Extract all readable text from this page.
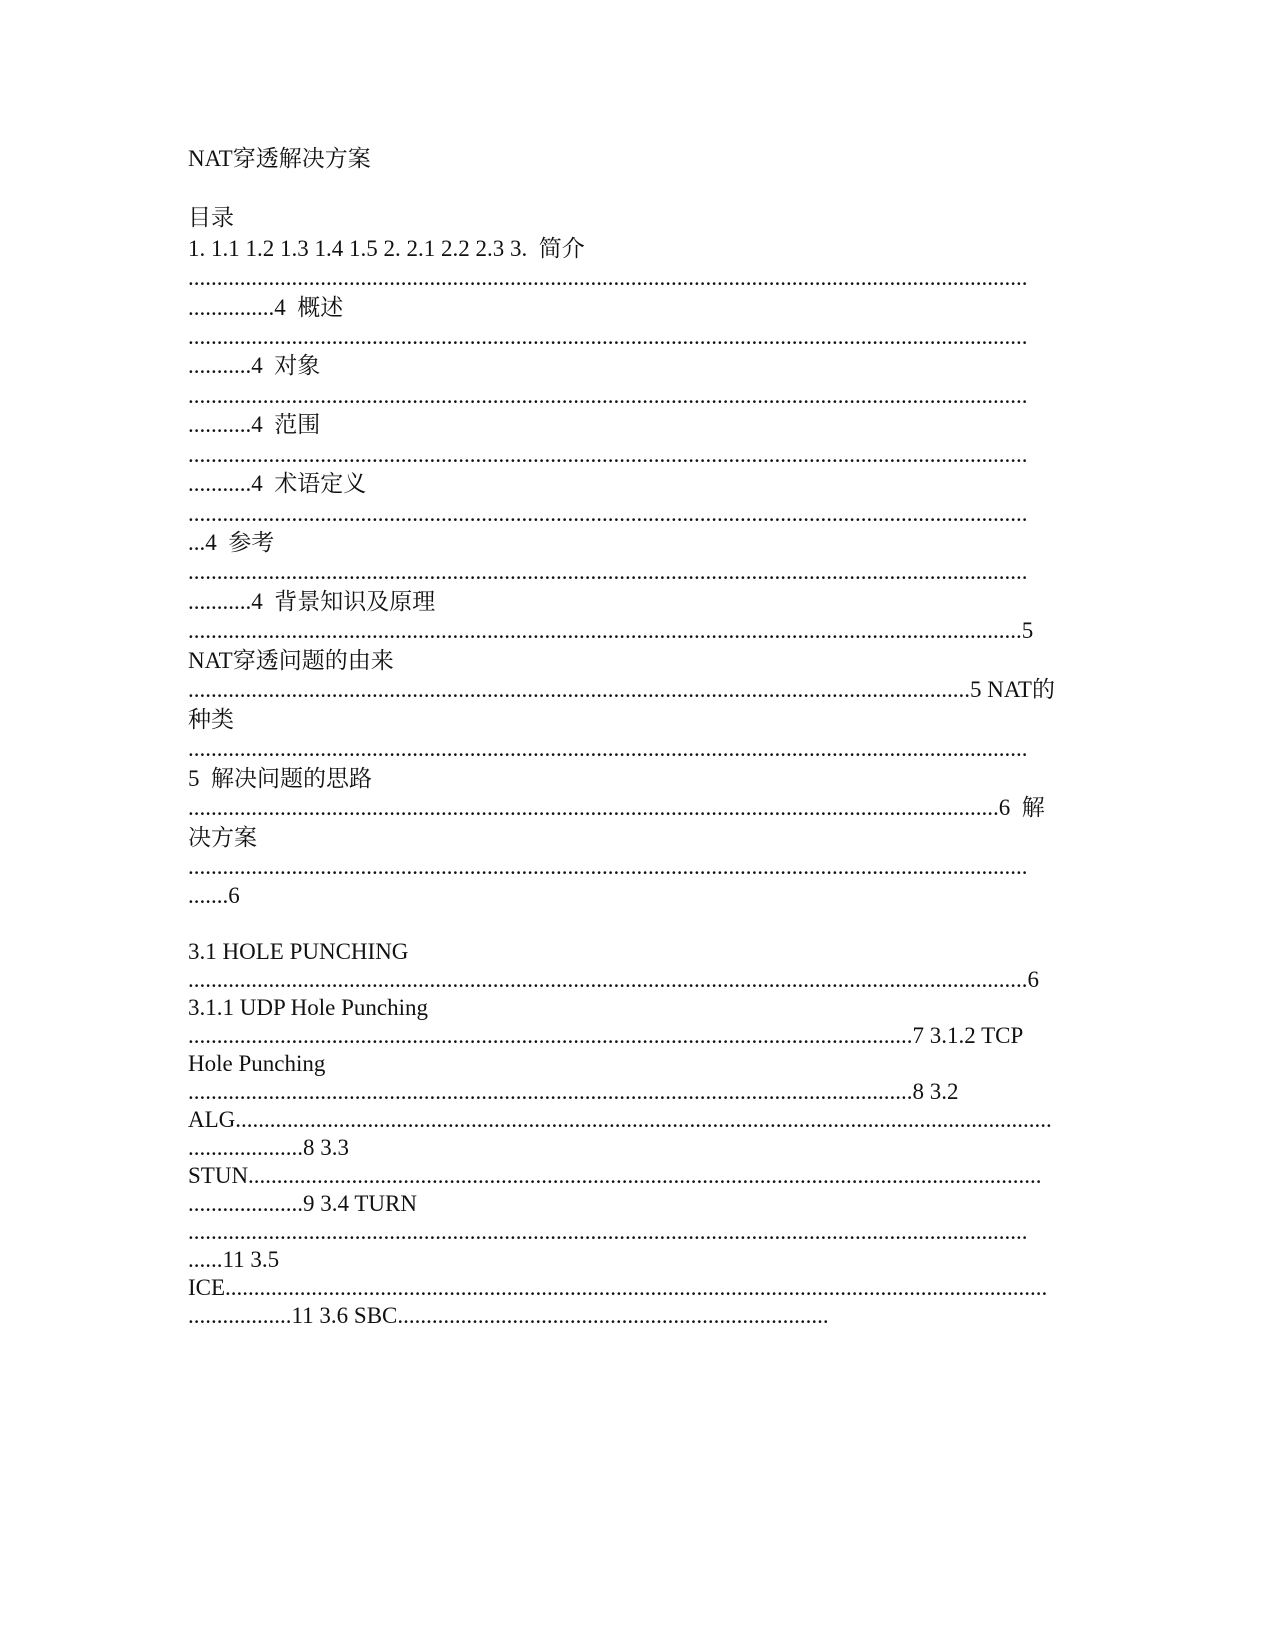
NAT穿透解决方案

目录

1. 1.1 1.2 1.3 1.4 1.5 2. 2.1 2.2 2.3 3.  简介

..................................................................................................................................................

...............4  概述

..................................................................................................................................................

...........4  对象

..................................................................................................................................................

...........4  范围

..................................................................................................................................................

...........4  术语定义

..................................................................................................................................................

...4  参考

..................................................................................................................................................

...........4  背景知识及原理

.................................................................................................................................................5

NAT穿透问题的由来

........................................................................................................................................5 NAT的

种类

..................................................................................................................................................

5  解决问题的思路

.............................................................................................................................................6  解

决方案

..................................................................................................................................................

.......6

3.1 HOLE PUNCHING

..................................................................................................................................................6

3.1.1 UDP Hole Punching

..............................................................................................................................7 3.1.2 TCP

Hole Punching

..............................................................................................................................8 3.2

ALG..............................................................................................................................................

....................8 3.3

STUN..........................................................................................................................................

....................9 3.4 TURN

..................................................................................................................................................

......11 3.5

ICE...............................................................................................................................................

..................11 3.6 SBC...........................................................................
